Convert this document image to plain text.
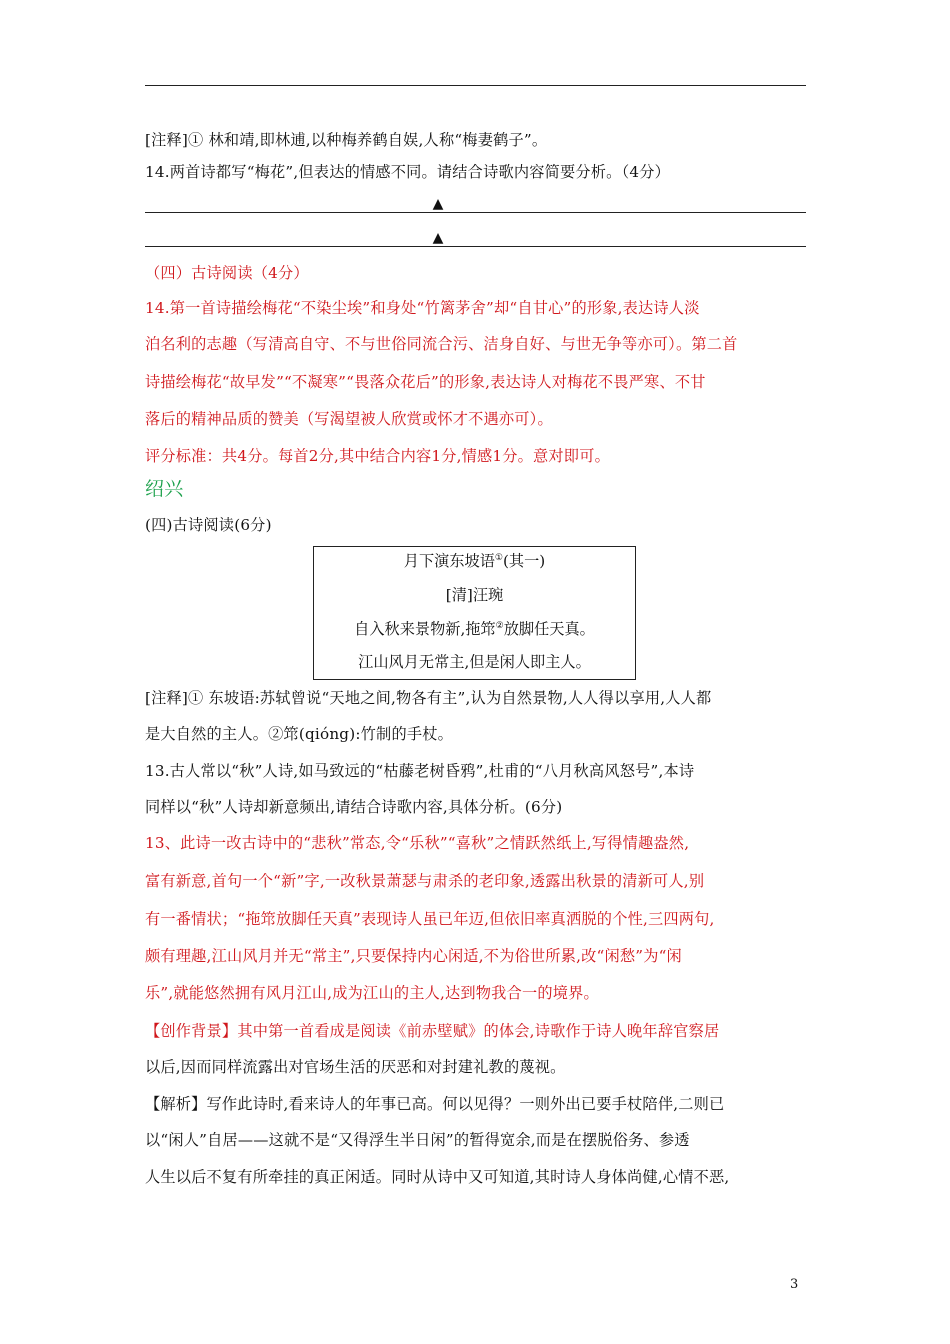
[注释]① 林和靖,即林逋,以种梅养鹤自娱,人称“梅妻鹤子”。
14.两首诗都写“梅花”,但表达的情感不同。请结合诗歌内容简要分析。（4分）
▲
▲
（四）古诗阅读（4分）
14.第一首诗描绘梅花“不染尘埃”和身处“竹篱茅舍”却“自甘心”的形象,表达诗人淡
泊名利的志趣（写清高自守、不与世俗同流合污、洁身自好、与世无争等亦可）。第二首
诗描绘梅花“故早发”“不凝寒”“畏落众花后”的形象,表达诗人对梅花不畏严寒、不甘
落后的精神品质的赞美（写渴望被人欣赏或怀才不遇亦可）。
评分标准：共4分。每首2分,其中结合内容1分,情感1分。意对即可。
绍兴
(四)古诗阅读(6分)
月下演东坡语①(其一)
[清]汪琬
自入秋来景物新,拖筇②放脚任天真。
江山风月无常主,但是闲人即主人。
[注释]① 东坡语:苏轼曾说“天地之间,物各有主”,认为自然景物,人人得以享用,人人都
是大自然的主人。②筇(qióng):竹制的手杖。
13.古人常以“秋”人诗,如马致远的“枯藤老树昏鸦”,杜甫的“八月秋高风怒号”,本诗
同样以“秋”人诗却新意频出,请结合诗歌内容,具体分析。(6分)
13、此诗一改古诗中的“悲秋”常态,令“乐秋”“喜秋”之情跃然纸上,写得情趣盎然,
富有新意,首句一个“新”字,一改秋景萧瑟与肃杀的老印象,透露出秋景的清新可人,别
有一番情状；“拖筇放脚任天真”表现诗人虽已年迈,但依旧率真洒脱的个性,三四两句,
颇有理趣,江山风月并无“常主”,只要保持内心闲适,不为俗世所累,改“闲愁”为“闲
乐”,就能悠然拥有风月江山,成为江山的主人,达到物我合一的境界。
【创作背景】其中第一首看成是阅读《前赤壁赋》的体会,诗歌作于诗人晚年辞官察居
以后,因而同样流露出对官场生活的厌恶和对封建礼教的蔑视。
【解析】写作此诗时,看来诗人的年事已高。何以见得？一则外出已要手杖陪伴,二则已
以“闲人”自居——这就不是“又得浮生半日闲”的暂得宽余,而是在摆脱俗务、参透
人生以后不复有所牵挂的真正闲适。同时从诗中又可知道,其时诗人身体尚健,心情不恶,
3
